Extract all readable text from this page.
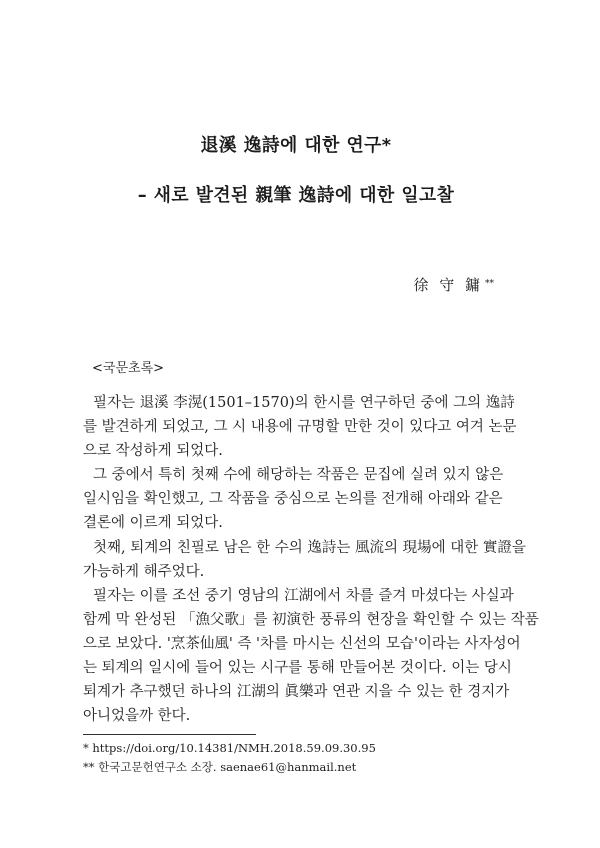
退溪 逸詩에 대한 연구*
– 새로 발견된 親筆 逸詩에 대한 일고찰
徐 守 鏞 **
<국문초록>
필자는 退溪 李滉(1501–1570)의 한시를 연구하던 중에 그의 逸詩
를 발견하게 되었고, 그 시 내용에 규명할 만한 것이 있다고 여겨 논문
으로 작성하게 되었다.
그 중에서 특히 첫째 수에 해당하는 작품은 문집에 실려 있지 않은
일시임을 확인했고, 그 작품을 중심으로 논의를 전개해 아래와 같은
결론에 이르게 되었다.
첫째, 퇴계의 친필로 남은 한 수의 逸詩는 風流의 現場에 대한 實證을
가능하게 해주었다.
필자는 이를 조선 중기 영남의 江湖에서 차를 즐겨 마셨다는 사실과
함께 막 완성된 「漁父歌」를 初演한 풍류의 현장을 확인할 수 있는 작품
으로 보았다. '烹茶仙風' 즉 '차를 마시는 신선의 모습'이라는 사자성어
는 퇴계의 일시에 들어 있는 시구를 통해 만들어본 것이다. 이는 당시
퇴계가 추구했던 하나의 江湖의 眞樂과 연관 지을 수 있는 한 경지가
아니었을까 한다.
* https://doi.org/10.14381/NMH.2018.59.09.30.95
** 한국고문헌연구소 소장. saenae61@hanmail.net
